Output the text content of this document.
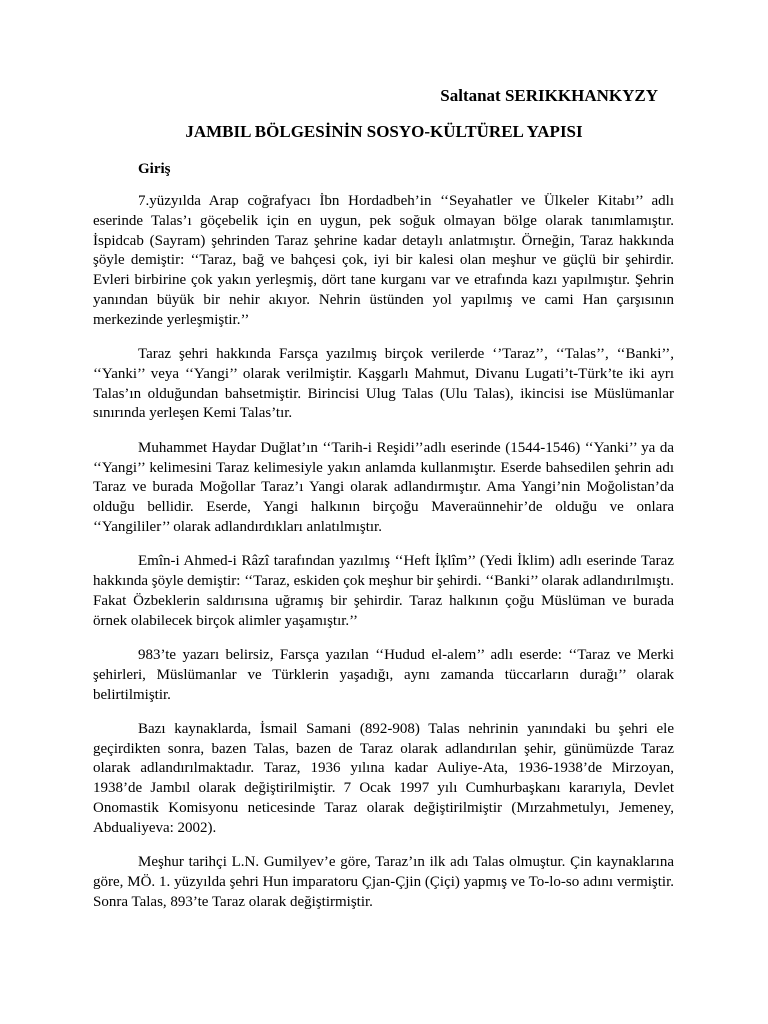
Saltanat SERIKKHANKYZY

JAMBIL BÖLGESİNİN SOSYO-KÜLTÜREL YAPISI
Giriş

7.yüzyılda Arap coğrafyacı İbn Hordadbeh’in ‘‘Seyahatler ve Ülkeler Kitabı’’ adlı eserinde Talas’ı göçebelik için en uygun, pek soğuk olmayan bölge olarak tanımlamıştır. İspidcab (Sayram) şehrinden Taraz şehrine kadar detaylı anlatmıştır. Örneğin, Taraz hakkında şöyle demiştir: ‘‘Taraz, bağ ve bahçesi çok, iyi bir kalesi olan meşhur ve güçlü bir şehirdir. Evleri birbirine çok yakın yerleşmiş, dört tane kurganı var ve etrafında kazı yapılmıştır. Şehrin yanından büyük bir nehir akıyor. Nehrin üstünden yol yapılmış ve cami Han çarşısının merkezinde yerleşmiştir.’’

Taraz şehri hakkında Farsça yazılmış birçok verilerde ‘’Taraz’’, ‘‘Talas’’, ‘‘Banki’’, ‘‘Yanki’’ veya ‘‘Yangi’’ olarak verilmiştir. Kaşgarlı Mahmut, Divanu Lugati’t-Türk’te iki ayrı Talas’ın olduğundan bahsetmiştir. Birincisi Ulug Talas (Ulu Talas), ikincisi ise Müslümanlar sınırında yerleşen Kemi Talas’tır.

Muhammet Haydar Duğlat’ın ‘‘Tarih-i Reşidi’’adlı eserinde (1544-1546) ‘‘Yanki’’ ya da ‘‘Yangi’’ kelimesini Taraz kelimesiyle yakın anlamda kullanmıştır. Eserde bahsedilen şehrin adı Taraz ve burada Moğollar Taraz’ı Yangi olarak adlandırmıştır. Ama Yangi’nin Moğolistan’da olduğu bellidir. Eserde, Yangi halkının birçoğu Maveraünnehir’de olduğu ve onlara ‘‘Yangililer’’ olarak adlandırdıkları anlatılmıştır.

Emîn-i Ahmed-i Râzî tarafından yazılmış ‘‘Heft İķlîm’’ (Yedi İklim) adlı eserinde Taraz hakkında şöyle demiştir: ‘‘Taraz, eskiden çok meşhur bir şehirdi. ‘‘Banki’’ olarak adlandırılmıştı. Fakat Özbeklerin saldırısına uğramış bir şehirdir. Taraz halkının çoğu Müslüman ve burada örnek olabilecek birçok alimler yaşamıştır.’’

983’te yazarı belirsiz, Farsça yazılan ‘‘Hudud el-alem’’ adlı eserde: ‘‘Taraz ve Merki şehirleri, Müslümanlar ve Türklerin yaşadığı, aynı zamanda tüccarların durağı’’ olarak belirtilmiştir.

Bazı kaynaklarda, İsmail Samani (892-908) Talas nehrinin yanındaki bu şehri ele geçirdikten sonra, bazen Talas, bazen de Taraz olarak adlandırılan şehir, günümüzde Taraz olarak adlandırılmaktadır. Taraz, 1936 yılına kadar Auliye-Ata, 1936-1938’de Mirzoyan, 1938’de Jambıl olarak değiştirilmiştir. 7 Ocak 1997 yılı Cumhurbaşkanı kararıyla, Devlet Onomastik Komisyonu neticesinde Taraz olarak değiştirilmiştir (Mırzahmetulyı, Jemeney, Abdualiyeva: 2002).

Meşhur tarihçi L.N. Gumilyev’e göre, Taraz’ın ilk adı Talas olmuştur. Çin kaynaklarına göre, MÖ. 1. yüzyılda şehri Hun imparatoru Çjan-Çjin (Çiçi) yapmış ve To-lo-so adını vermiştir. Sonra Talas, 893’te Taraz olarak değiştirmiştir.
